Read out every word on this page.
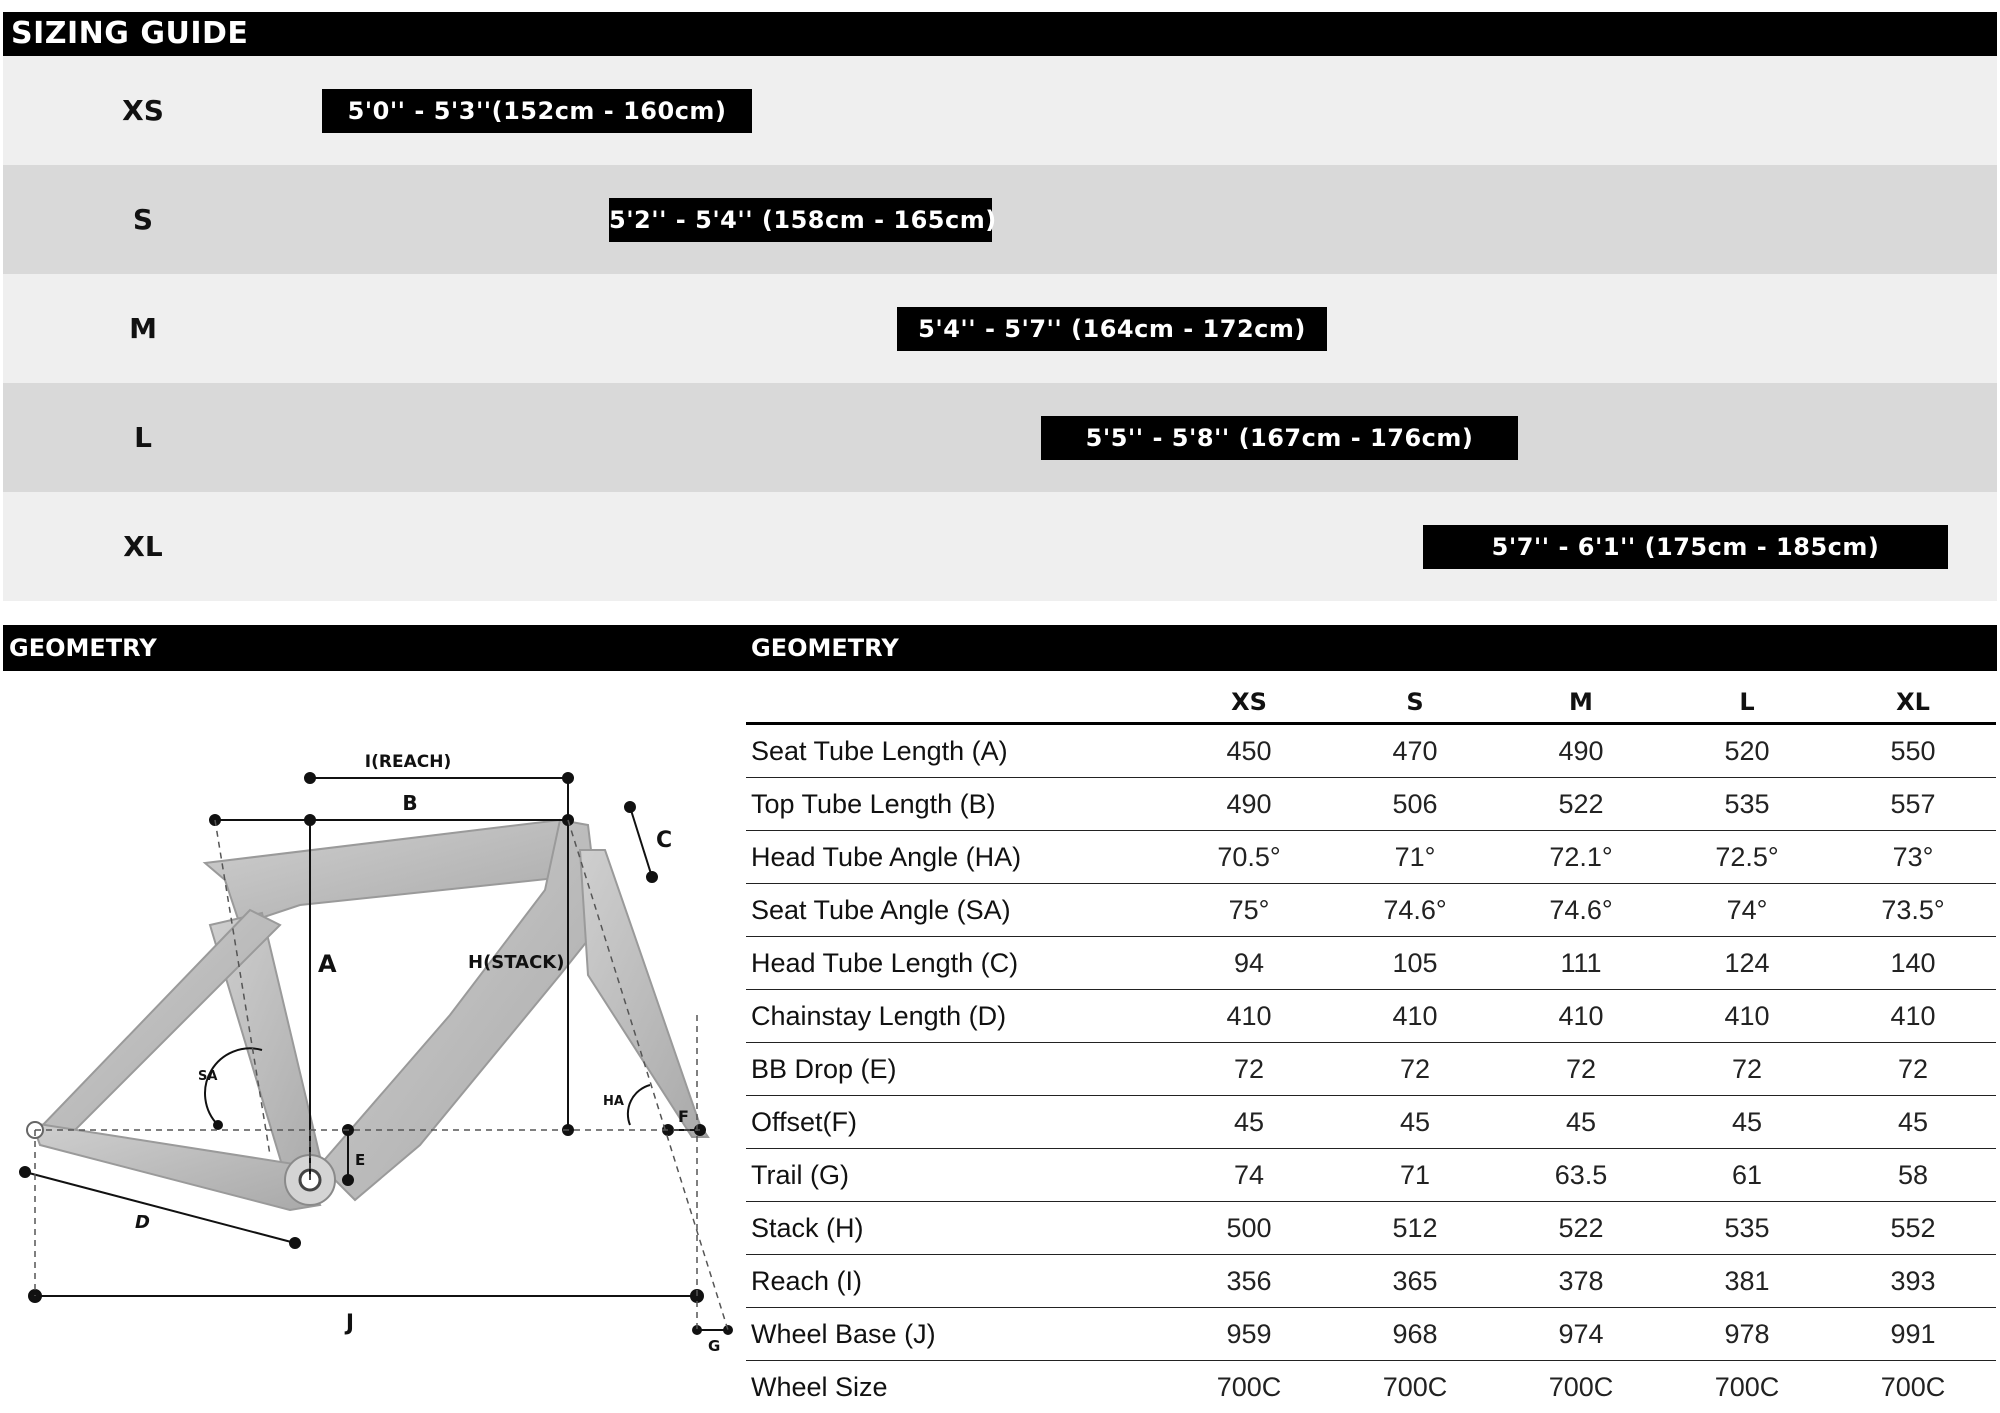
SIZING GUIDE
XS	5'0'' - 5'3''(152cm - 160cm)
S	5'2'' - 5'4'' (158cm - 165cm)
M	5'4'' - 5'7'' (164cm - 172cm)
L	5'5'' - 5'8'' (167cm - 176cm)
XL	5'7'' - 6'1'' (175cm - 185cm)
GEOMETRY	GEOMETRY
I(REACH)
B
C
A	H(STACK)
SA
HA
F
E
D
J
G
	XS	S	M	L	XL
Seat Tube Length (A)	450	470	490	520	550
Top Tube Length (B)	490	506	522	535	557
Head Tube Angle (HA)	70.5°	71°	72.1°	72.5°	73°
Seat Tube Angle (SA)	75°	74.6°	74.6°	74°	73.5°
Head Tube Length (C)	94	105	111	124	140
Chainstay Length (D)	410	410	410	410	410
BB Drop (E)	72	72	72	72	72
Offset(F)	45	45	45	45	45
Trail (G)	74	71	63.5	61	58
Stack (H)	500	512	522	535	552
Reach (I)	356	365	378	381	393
Wheel Base (J)	959	968	974	978	991
Wheel Size	700C	700C	700C	700C	700C
